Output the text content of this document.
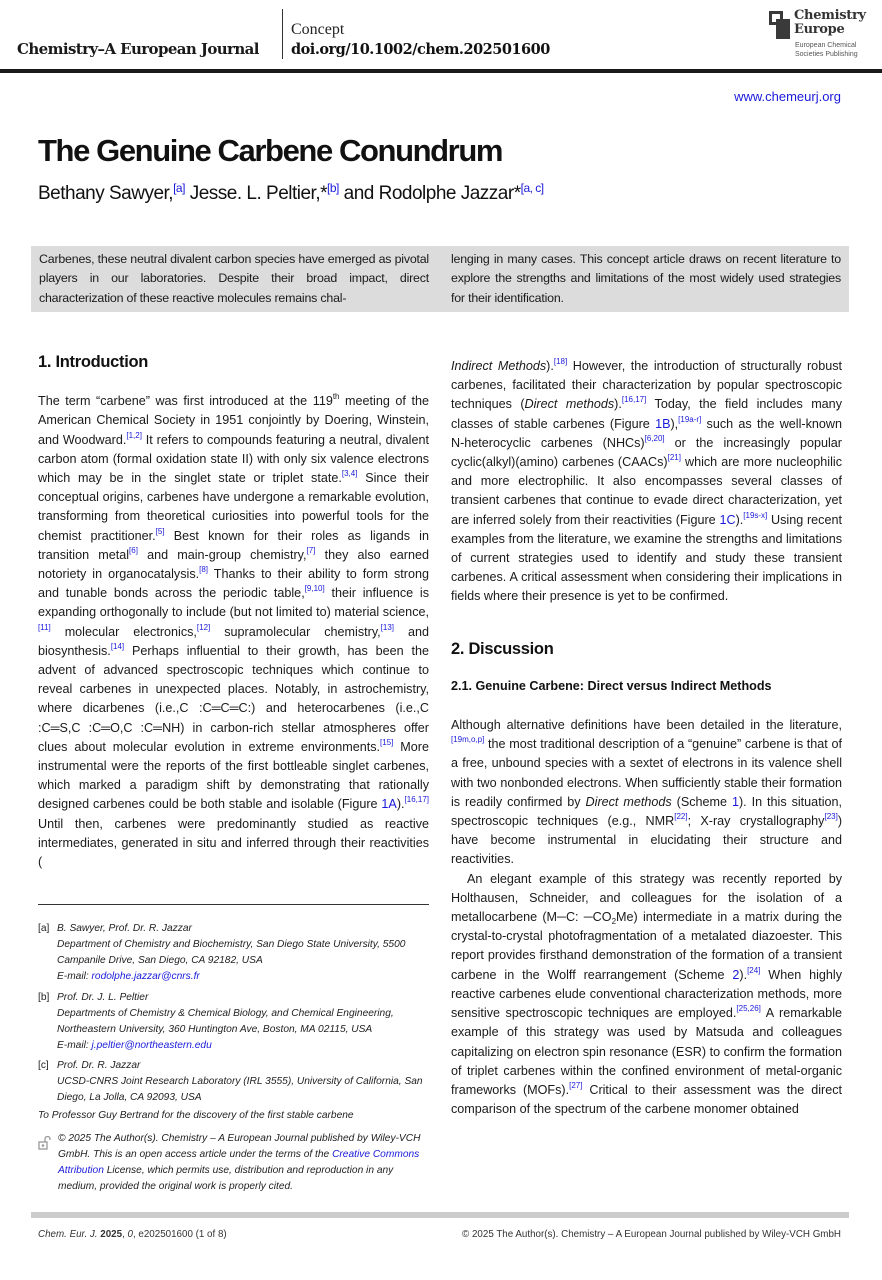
Chemistry–A European Journal
Concept
doi.org/10.1002/chem.202501600
Chemistry
Europe
European Chemical
Societies Publishing
www.chemeurj.org
The Genuine Carbene Conundrum
Bethany Sawyer,[a] Jesse. L. Peltier,*[b] and Rodolphe Jazzar*[a, c]
Carbenes, these neutral divalent carbon species have emerged as pivotal players in our laboratories. Despite their broad impact, direct characterization of these reactive molecules remains chal-
lenging in many cases. This concept article draws on recent literature to explore the strengths and limitations of the most widely used strategies for their identification.
1. Introduction

The term “carbene” was first introduced at the 119th meeting of the American Chemical Society in 1951 conjointly by Doering, Winstein, and Woodward.[1,2] It refers to compounds featuring a neutral, divalent carbon atom (formal oxidation state II) with only six valence electrons which may be in the singlet state or triplet state.[3,4] Since their conceptual origins, carbenes have undergone a remarkable evolution, transforming from theoretical curiosities into powerful tools for the chemist practitioner.[5] Best known for their roles as ligands in transition metal[6] and main-group chemistry,[7] they also earned notoriety in organocatalysis.[8] Thanks to their ability to form strong and tunable bonds across the periodic table,[9,10] their influence is expanding orthogonally to include (but not limited to) material science,[11] molecular electronics,[12] supramolecular chemistry,[13] and biosynthesis.[14] Perhaps influential to their growth, has been the advent of advanced spectroscopic techniques which continue to reveal carbenes in unexpected places. Notably, in astrochemistry, where dicarbenes (i.e.,C :C═C═C:) and heterocarbenes (i.e.,C :C═S,C :C═O,C :C═NH) in carbon-rich stellar atmospheres offer clues about molecular evolution in extreme environments.[15] More instrumental were the reports of the first bottleable singlet carbenes, which marked a paradigm shift by demonstrating that rationally designed carbenes could be both stable and isolable (Figure 1A).[16,17] Until then, carbenes were predominantly studied as reactive intermediates, generated in situ and inferred through their reactivities (

Indirect Methods).[18] However, the introduction of structurally robust carbenes, facilitated their characterization by popular spectroscopic techniques (Direct methods).[16,17] Today, the field includes many classes of stable carbenes (Figure 1B),[19a-r] such as the well-known N-heterocyclic carbenes (NHCs)[6,20] or the increasingly popular cyclic(alkyl)(amino) carbenes (CAACs)[21] which are more nucleophilic and more electrophilic. It also encompasses several classes of transient carbenes that continue to evade direct characterization, yet are inferred solely from their reactivities (Figure 1C).[19s-x] Using recent examples from the literature, we examine the strengths and limitations of current strategies used to identify and study these transient carbenes. A critical assessment when considering their implications in fields where their presence is yet to be confirmed.

2. Discussion
2.1. Genuine Carbene: Direct versus Indirect Methods

Although alternative definitions have been detailed in the literature,[19m,o,p] the most traditional description of a “genuine” carbene is that of a free, unbound species with a sextet of electrons in its valence shell with two nonbonded electrons. When sufficiently stable their formation is readily confirmed by Direct methods (Scheme 1). In this situation, spectroscopic techniques (e.g., NMR[22]; X-ray crystallography[23]) have become instrumental in elucidating their structure and reactivities.

An elegant example of this strategy was recently reported by Holthausen, Schneider, and colleagues for the isolation of a metallocarbene (M─C: $─CO_2Me$) intermediate in a matrix during the crystal-to-crystal photofragmentation of a metalated diazoester. This report provides firsthand demonstration of the formation of a transient carbene in the Wolff rearrangement (Scheme 2).[24] When highly reactive carbenes elude conventional characterization methods, more sensitive spectroscopic techniques are employed.[25,26] A remarkable example of this strategy was used by Matsuda and colleagues capitalizing on electron spin resonance (ESR) to confirm the formation of triplet carbenes within the confined environment of metal-organic frameworks (MOFs).[27] Critical to their assessment was the direct comparison of the spectrum of the carbene monomer obtained

[a] B. Sawyer, Prof. Dr. R. Jazzar
Department of Chemistry and Biochemistry, San Diego State University, 5500 Campanile Drive, San Diego, CA 92182, USA
E-mail: rodolphe.jazzar@cnrs.fr
[b] Prof. Dr. J. L. Peltier
Departments of Chemistry & Chemical Biology, and Chemical Engineering, Northeastern University, 360 Huntington Ave, Boston, MA 02115, USA
E-mail: j.peltier@northeastern.edu
[c] Prof. Dr. R. Jazzar
UCSD-CNRS Joint Research Laboratory (IRL 3555), University of California, San Diego, La Jolla, CA 92093, USA
To Professor Guy Bertrand for the discovery of the first stable carbene
© 2025 The Author(s). Chemistry – A European Journal published by Wiley-VCH GmbH. This is an open access article under the terms of the Creative Commons Attribution License, which permits use, distribution and reproduction in any medium, provided the original work is properly cited.
Chem. Eur. J. 2025, 0, e202501600 (1 of 8)	© 2025 The Author(s). Chemistry – A European Journal published by Wiley-VCH GmbH
